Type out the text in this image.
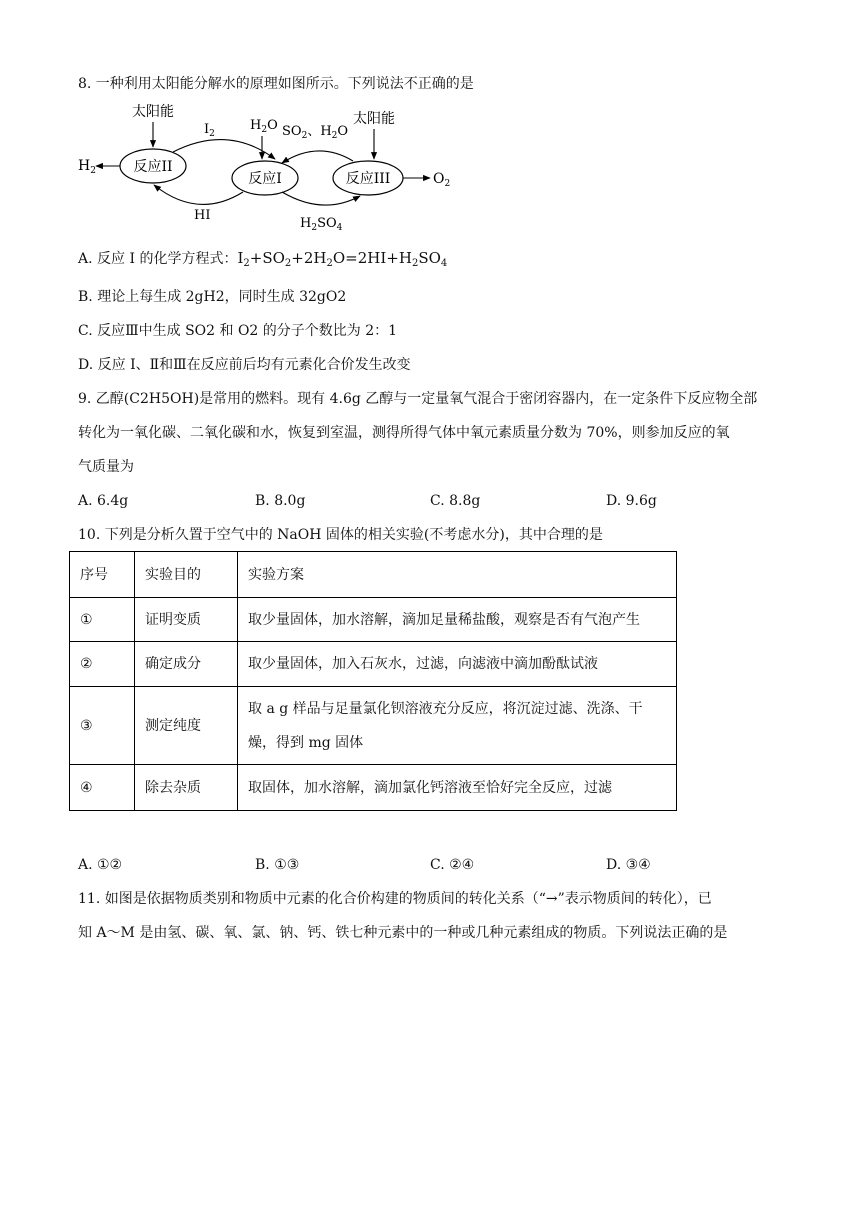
8. 一种利用太阳能分解水的原理如图所示。下列说法不正确的是
反应II
反应I	反应III
太阳能
$H_2$
$I_2$
$H_2O$
HI
$SO_2$、$H_2O$
$H_2SO_4$
太阳能
$O_2$
A. 反应 I 的化学方程式：$I_2+SO_2+2H_2O=2HI+H_2SO_4$
B. 理论上每生成 2gH2，同时生成 32gO2
C. 反应Ⅲ中生成 SO2 和 O2 的分子个数比为 2：1
D. 反应 I、Ⅱ和Ⅲ在反应前后均有元素化合价发生改变
9. 乙醇(C2H5OH)是常用的燃料。现有 4.6g 乙醇与一定量氧气混合于密闭容器内，在一定条件下反应物全部
转化为一氧化碳、二氧化碳和水，恢复到室温，测得所得气体中氧元素质量分数为 70%，则参加反应的氧
气质量为
A. 6.4g	B. 8.0g	C. 8.8g	D. 9.6g
10. 下列是分析久置于空气中的 NaOH 固体的相关实验(不考虑水分)，其中合理的是
序号	实验目的	实验方案
①	证明变质	取少量固体，加水溶解，滴加足量稀盐酸，观察是否有气泡产生
②	确定成分	取少量固体，加入石灰水，过滤，向滤液中滴加酚酞试液
③	测定纯度	取 a g 样品与足量氯化钡溶液充分反应，将沉淀过滤、洗涤、干燥，得到 mg 固体
④	除去杂质	取固体，加水溶解，滴加氯化钙溶液至恰好完全反应，过滤
A. ①②	B. ①③	C. ②④	D. ③④
11. 如图是依据物质类别和物质中元素的化合价构建的物质间的转化关系（“→”表示物质间的转化），已
知 A～M 是由氢、碳、氧、氯、钠、钙、铁七种元素中的一种或几种元素组成的物质。下列说法正确的是
